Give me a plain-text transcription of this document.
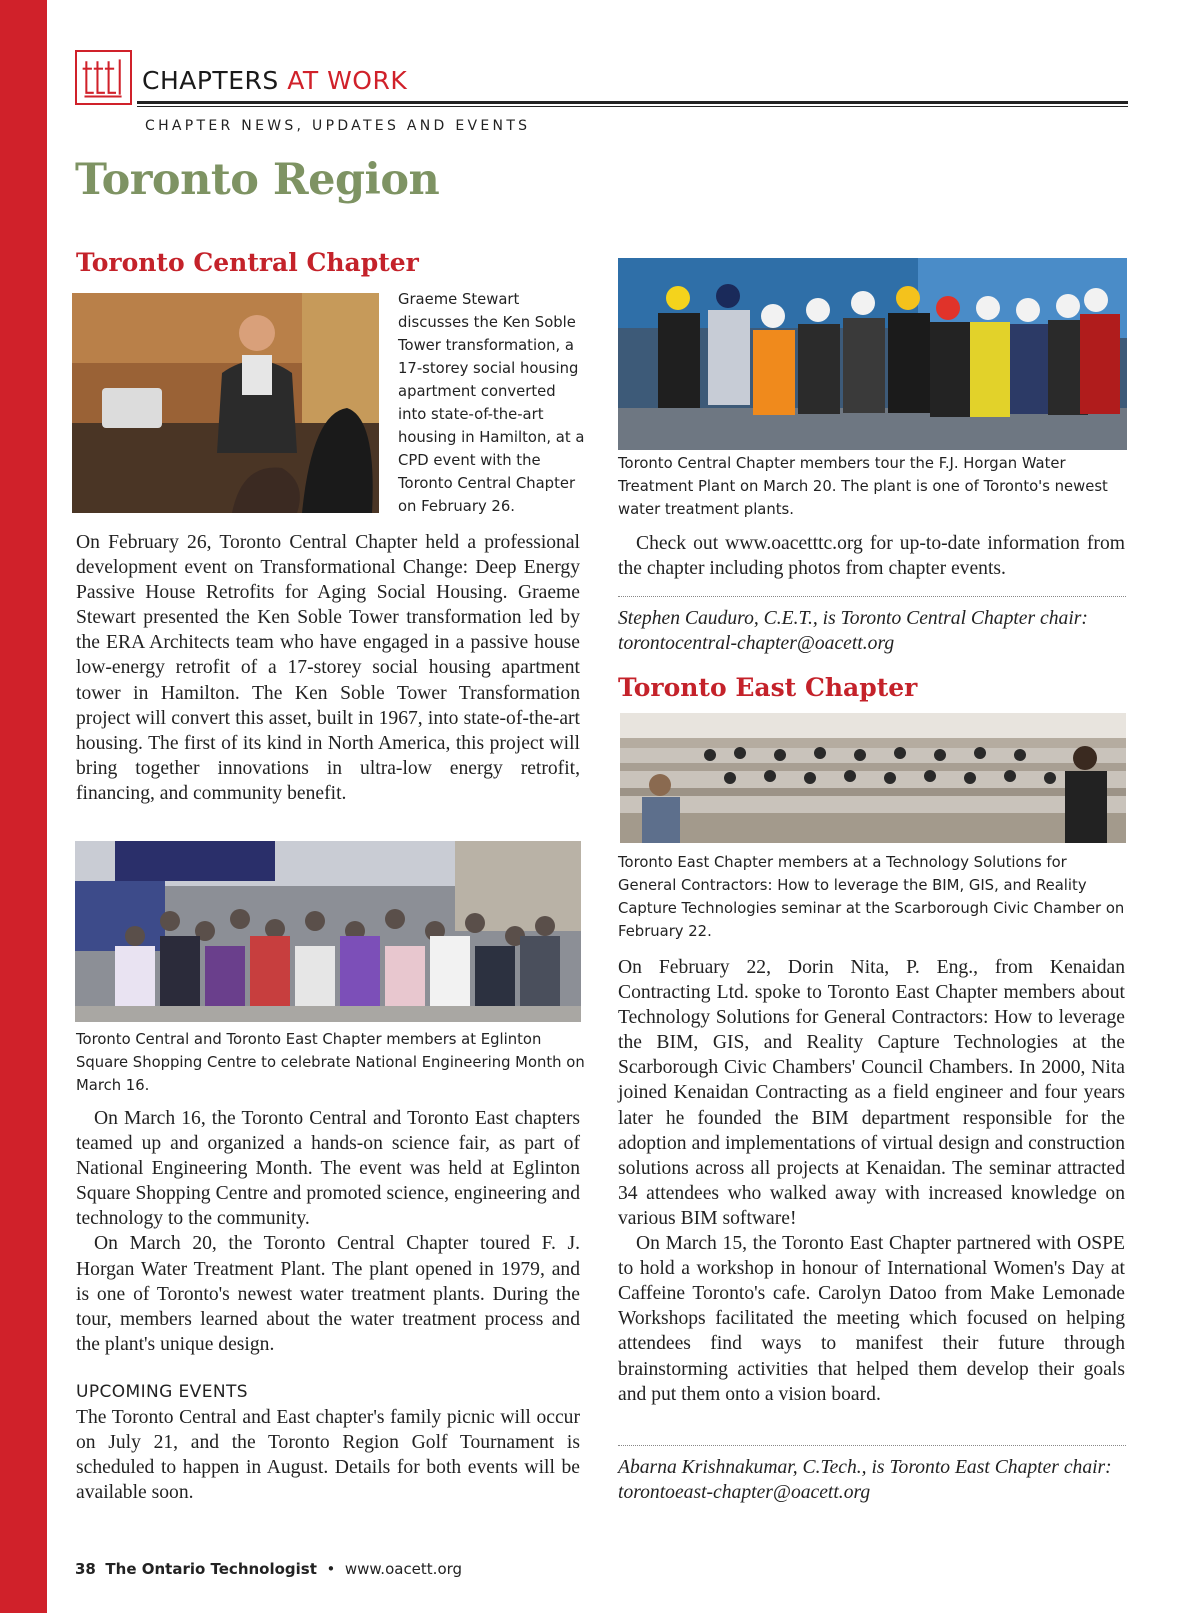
CHAPTERS AT WORK
CHAPTER NEWS, UPDATES AND EVENTS
Toronto Region
Toronto Central Chapter
Graeme Stewart discusses the Ken Soble Tower transformation, a 17-storey social housing apartment converted into state-of-the-art housing in Hamilton, at a CPD event with the Toronto Central Chapter on February 26.

On February 26, Toronto Central Chapter held a professional development event on Transformational Change: Deep Energy Passive House Retrofits for Aging Social Housing. Graeme Stewart presented the Ken Soble Tower transformation led by the ERA Architects team who have engaged in a passive house low-energy retrofit of a 17-storey social housing apartment tower in Hamilton. The Ken Soble Tower Transformation project will convert this asset, built in 1967, into state-of-the-art housing. The first of its kind in North America, this project will bring together innovations in ultra-low energy retrofit, financing, and community benefit.

Toronto Central and Toronto East Chapter members at Eglinton Square Shopping Centre to celebrate National Engineering Month on March 16.

On March 16, the Toronto Central and Toronto East chapters teamed up and organized a hands-on science fair, as part of National Engineering Month. The event was held at Eglinton Square Shopping Centre and promoted science, engineering and technology to the community.

On March 20, the Toronto Central Chapter toured F. J. Horgan Water Treatment Plant. The plant opened in 1979, and is one of Toronto's newest water treatment plants. During the tour, members learned about the water treatment process and the plant's unique design.

UPCOMING EVENTS

The Toronto Central and East chapter's family picnic will occur on July 21, and the Toronto Region Golf Tournament is scheduled to happen in August. Details for both events will be available soon.

Toronto Central Chapter members tour the F.J. Horgan Water Treatment Plant on March 20. The plant is one of Toronto's newest water treatment plants.

Check out www.oacetttc.org for up-to-date information from the chapter including photos from chapter events.

Stephen Cauduro, C.E.T., is Toronto Central Chapter chair: torontocentral-chapter@oacett.org
Toronto East Chapter
Toronto East Chapter members at a Technology Solutions for General Contractors: How to leverage the BIM, GIS, and Reality Capture Technologies seminar at the Scarborough Civic Chamber on February 22.

On February 22, Dorin Nita, P. Eng., from Kenaidan Contracting Ltd. spoke to Toronto East Chapter members about Technology Solutions for General Contractors: How to leverage the BIM, GIS, and Reality Capture Technologies at the Scarborough Civic Chambers' Council Chambers. In 2000, Nita joined Kenaidan Contracting as a field engineer and four years later he founded the BIM department responsible for the adoption and implementations of virtual design and construction solutions across all projects at Kenaidan. The seminar attracted 34 attendees who walked away with increased knowledge on various BIM software!

On March 15, the Toronto East Chapter partnered with OSPE to hold a workshop in honour of International Women's Day at Caffeine Toronto's cafe. Carolyn Datoo from Make Lemonade Workshops facilitated the meeting which focused on helping attendees find ways to manifest their future through brainstorming activities that helped them develop their goals and put them onto a vision board.

Abarna Krishnakumar, C.Tech., is Toronto East Chapter chair: torontoeast-chapter@oacett.org
38 The Ontario Technologist • www.oacett.org
